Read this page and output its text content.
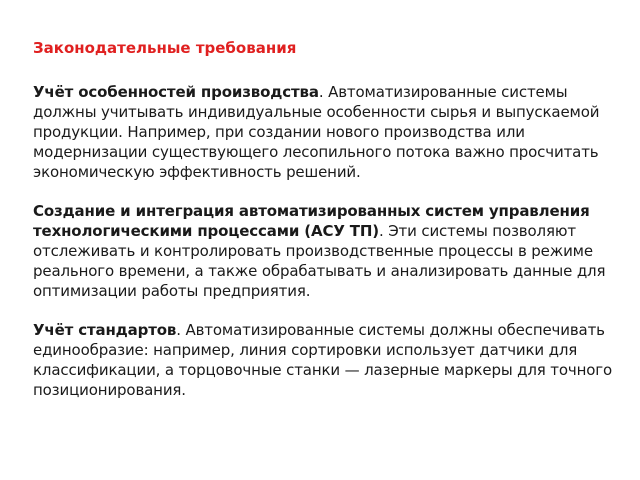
Законодательные требования

Учёт особенностей производства. Автоматизированные системы должны учитывать индивидуальные особенности сырья и выпускаемой продукции. Например, при создании нового производства или модернизации существующего лесопильного потока важно просчитать экономическую эффективность решений.

Создание и интеграция автоматизированных систем управления технологическими процессами (АСУ ТП). Эти системы позволяют отслеживать и контролировать производственные процессы в режиме реального времени, а также обрабатывать и анализировать данные для оптимизации работы предприятия.

Учёт стандартов. Автоматизированные системы должны обеспечивать единообразие: например, линия сортировки использует датчики для классификации, а торцовочные станки — лазерные маркеры для точного позиционирования.
